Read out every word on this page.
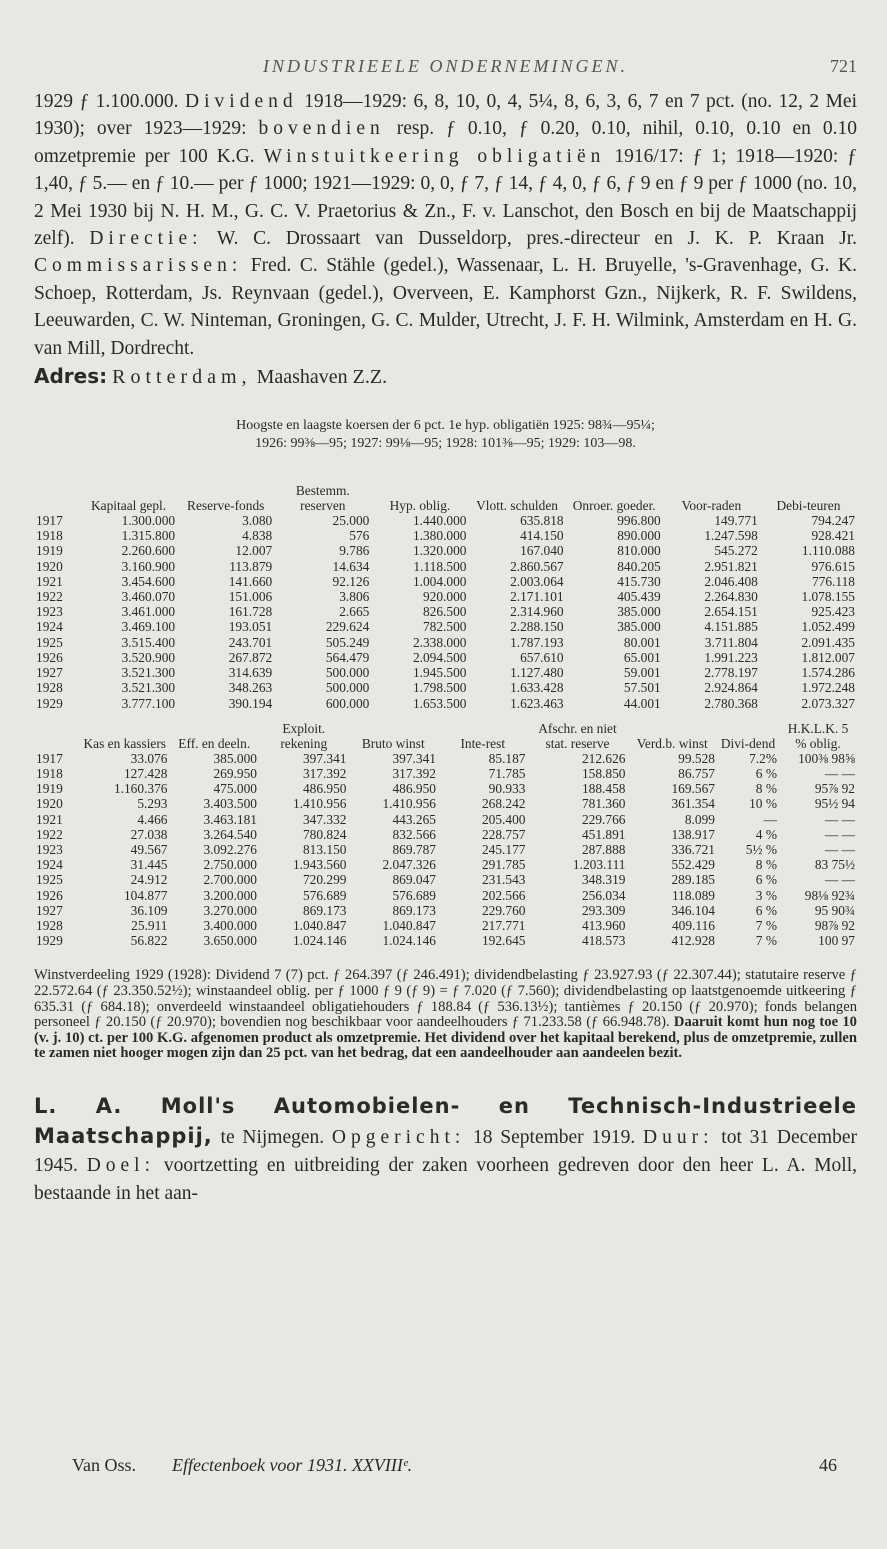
INDUSTRIEELE ONDERNEMINGEN.	721

1929 ƒ 1.100.000. Dividend 1918—1929: 6, 8, 10, 0, 4, 5¼, 8, 6, 3, 6, 7 en 7 pct. (no. 12, 2 Mei 1930); over 1923—1929: bovendien resp. ƒ 0.10, ƒ 0.20, 0.10, nihil, 0.10, 0.10 en 0.10 omzetpremie per 100 K.G. Winstuitkeering obligatiën 1916/17: ƒ 1; 1918—1920: ƒ 1,40, ƒ 5.— en ƒ 10.— per ƒ 1000; 1921—1929: 0, 0, ƒ 7, ƒ 14, ƒ 4, 0, ƒ 6, ƒ 9 en ƒ 9 per ƒ 1000 (no. 10, 2 Mei 1930 bij N. H. M., G. C. V. Praetorius & Zn., F. v. Lanschot, den Bosch en bij de Maatschappij zelf). Directie: W. C. Drossaart van Dusseldorp, pres.-directeur en J. K. P. Kraan Jr. Commissarissen: Fred. C. Stähle (gedel.), Wassenaar, L. H. Bruyelle, 's-Gravenhage, G. K. Schoep, Rotterdam, Js. Reynvaan (gedel.), Overveen, E. Kamphorst Gzn., Nijkerk, R. F. Swildens, Leeuwarden, C. W. Ninteman, Groningen, G. C. Mulder, Utrecht, J. F. H. Wilmink, Amsterdam en H. G. van Mill, Dordrecht.

Adres: Rotterdam, Maashaven Z.Z.

Hoogste en laagste koersen der 6 pct. 1e hyp. obligatiën 1925: 98¾—95¼;
1926: 99⅜—95; 1927: 99⅛—95; 1928: 101⅜—95; 1929: 103—98.
	Kapitaal gepl.	Reserve-fonds	Bestemm. reserven	Hyp. oblig.	Vlott. schulden	Onroer. goeder.	Voor-raden	Debi-teuren
1917	1.300.000	3.080	25.000	1.440.000	635.818	996.800	149.771	794.247
1918	1.315.800	4.838	576	1.380.000	414.150	890.000	1.247.598	928.421
1919	2.260.600	12.007	9.786	1.320.000	167.040	810.000	545.272	1.110.088
1920	3.160.900	113.879	14.634	1.118.500	2.860.567	840.205	2.951.821	976.615
1921	3.454.600	141.660	92.126	1.004.000	2.003.064	415.730	2.046.408	776.118
1922	3.460.070	151.006	3.806	920.000	2.171.101	405.439	2.264.830	1.078.155
1923	3.461.000	161.728	2.665	826.500	2.314.960	385.000	2.654.151	925.423
1924	3.469.100	193.051	229.624	782.500	2.288.150	385.000	4.151.885	1.052.499
1925	3.515.400	243.701	505.249	2.338.000	1.787.193	80.001	3.711.804	2.091.435
1926	3.520.900	267.872	564.479	2.094.500	657.610	65.001	1.991.223	1.812.007
1927	3.521.300	314.639	500.000	1.945.500	1.127.480	59.001	2.778.197	1.574.286
1928	3.521.300	348.263	500.000	1.798.500	1.633.428	57.501	2.924.864	1.972.248
1929	3.777.100	390.194	600.000	1.653.500	1.623.463	44.001	2.780.368	2.073.327
	Kas en kassiers	Eff. en deeln.	Exploit. rekening	Bruto winst	Inte-rest	Afschr. en niet stat. reserve	Verd.b. winst	Divi-dend	H.K.L.K. 5 % oblig.
1917	33.076	385.000	397.341	397.341	85.187	212.626	99.528	7.2%	100⅜ 98⅝
1918	127.428	269.950	317.392	317.392	71.785	158.850	86.757	6 %	— —
1919	1.160.376	475.000	486.950	486.950	90.933	188.458	169.567	8 %	95⅞ 92
1920	5.293	3.403.500	1.410.956	1.410.956	268.242	781.360	361.354	10 %	95½ 94
1921	4.466	3.463.181	347.332	443.265	205.400	229.766	8.099	—	— —
1922	27.038	3.264.540	780.824	832.566	228.757	451.891	138.917	4 %	— —
1923	49.567	3.092.276	813.150	869.787	245.177	287.888	336.721	5½ %	— —
1924	31.445	2.750.000	1.943.560	2.047.326	291.785	1.203.111	552.429	8 %	83 75½
1925	24.912	2.700.000	720.299	869.047	231.543	348.319	289.185	6 %	— —
1926	104.877	3.200.000	576.689	576.689	202.566	256.034	118.089	3 %	98⅛ 92¾
1927	36.109	3.270.000	869.173	869.173	229.760	293.309	346.104	6 %	95 90¾
1928	25.911	3.400.000	1.040.847	1.040.847	217.771	413.960	409.116	7 %	98⅞ 92
1929	56.822	3.650.000	1.024.146	1.024.146	192.645	418.573	412.928	7 %	100 97

Winstverdeeling 1929 (1928): Dividend 7 (7) pct. ƒ 264.397 (ƒ 246.491); dividendbelasting ƒ 23.927.93 (ƒ 22.307.44); statutaire reserve ƒ 22.572.64 (ƒ 23.350.52½); winstaandeel oblig. per ƒ 1000 ƒ 9 (ƒ 9) = ƒ 7.020 (ƒ 7.560); dividendbelasting op laatstgenoemde uitkeering ƒ 635.31 (ƒ 684.18); onverdeeld winstaandeel obligatiehouders ƒ 188.84 (ƒ 536.13½); tantièmes ƒ 20.150 (ƒ 20.970); fonds belangen personeel ƒ 20.150 (ƒ 20.970); bovendien nog beschikbaar voor aandeelhouders ƒ 71.233.58 (ƒ 66.948.78). Daaruit komt hun nog toe 10 (v. j. 10) ct. per 100 K.G. afgenomen product als omzetpremie. Het dividend over het kapitaal berekend, plus de omzetpremie, zullen te zamen niet hooger mogen zijn dan 25 pct. van het bedrag, dat een aandeelhouder aan aandeelen bezit.

L. A. Moll's Automobielen- en Technisch-Industrieele Maatschappij, te Nijmegen. Opgericht: 18 September 1919. Duur: tot 31 December 1945. Doel: voortzetting en uitbreiding der zaken voorheen gedreven door den heer L. A. Moll, bestaande in het aan-

Van Oss. Effectenboek voor 1931. XXVIIIᵉ.	46
